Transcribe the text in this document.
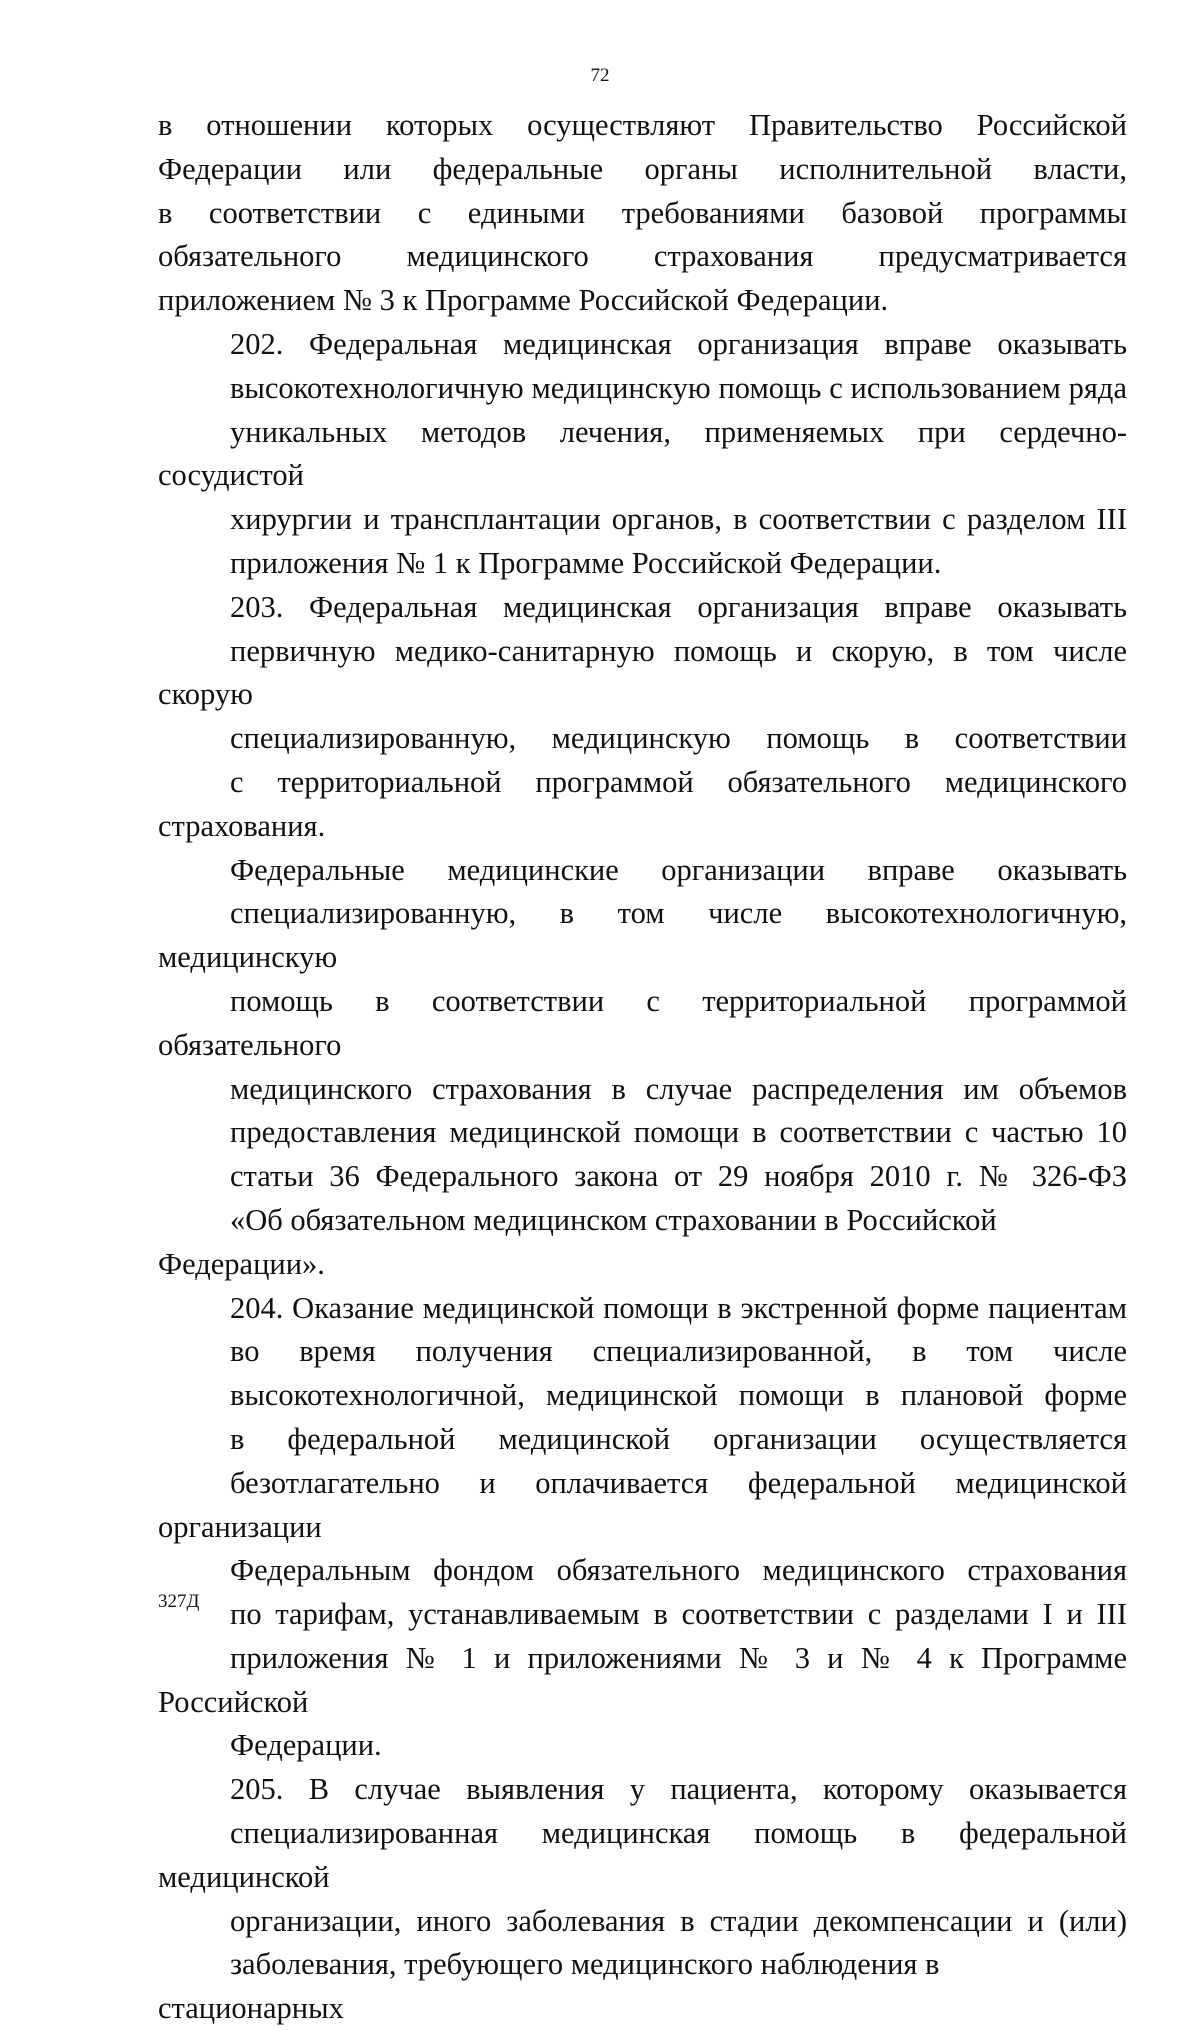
72
в отношении которых осуществляют Правительство Российской
Федерации или федеральные органы исполнительной власти,
в соответствии с едиными требованиями базовой программы
обязательного медицинского страхования предусматривается
приложением № 3 к Программе Российской Федерации.
202. Федеральная медицинская организация вправе оказывать
высокотехнологичную медицинскую помощь с использованием ряда
уникальных методов лечения, применяемых при сердечно-сосудистой
хирургии и трансплантации органов, в соответствии с разделом III
приложения № 1 к Программе Российской Федерации.
203. Федеральная медицинская организация вправе оказывать
первичную медико-санитарную помощь и скорую, в том числе скорую
специализированную, медицинскую помощь в соответствии
с территориальной программой обязательного медицинского страхования.
Федеральные медицинские организации вправе оказывать
специализированную, в том числе высокотехнологичную, медицинскую
помощь в соответствии с территориальной программой обязательного
медицинского страхования в случае распределения им объемов
предоставления медицинской помощи в соответствии с частью 10
статьи 36 Федерального закона от 29 ноября 2010 г. № 326-ФЗ
«Об обязательном медицинском страховании в Российской Федерации».
204. Оказание медицинской помощи в экстренной форме пациентам
во время получения специализированной, в том числе
высокотехнологичной, медицинской помощи в плановой форме
в федеральной медицинской организации осуществляется
безотлагательно и оплачивается федеральной медицинской организации
Федеральным фондом обязательного медицинского страхования
по тарифам, устанавливаемым в соответствии с разделами I и III
приложения № 1 и приложениями № 3 и № 4 к Программе Российской
Федерации.
205. В случае выявления у пациента, которому оказывается
специализированная медицинская помощь в федеральной медицинской
организации, иного заболевания в стадии декомпенсации и (или)
заболевания, требующего медицинского наблюдения в стационарных
327Д
